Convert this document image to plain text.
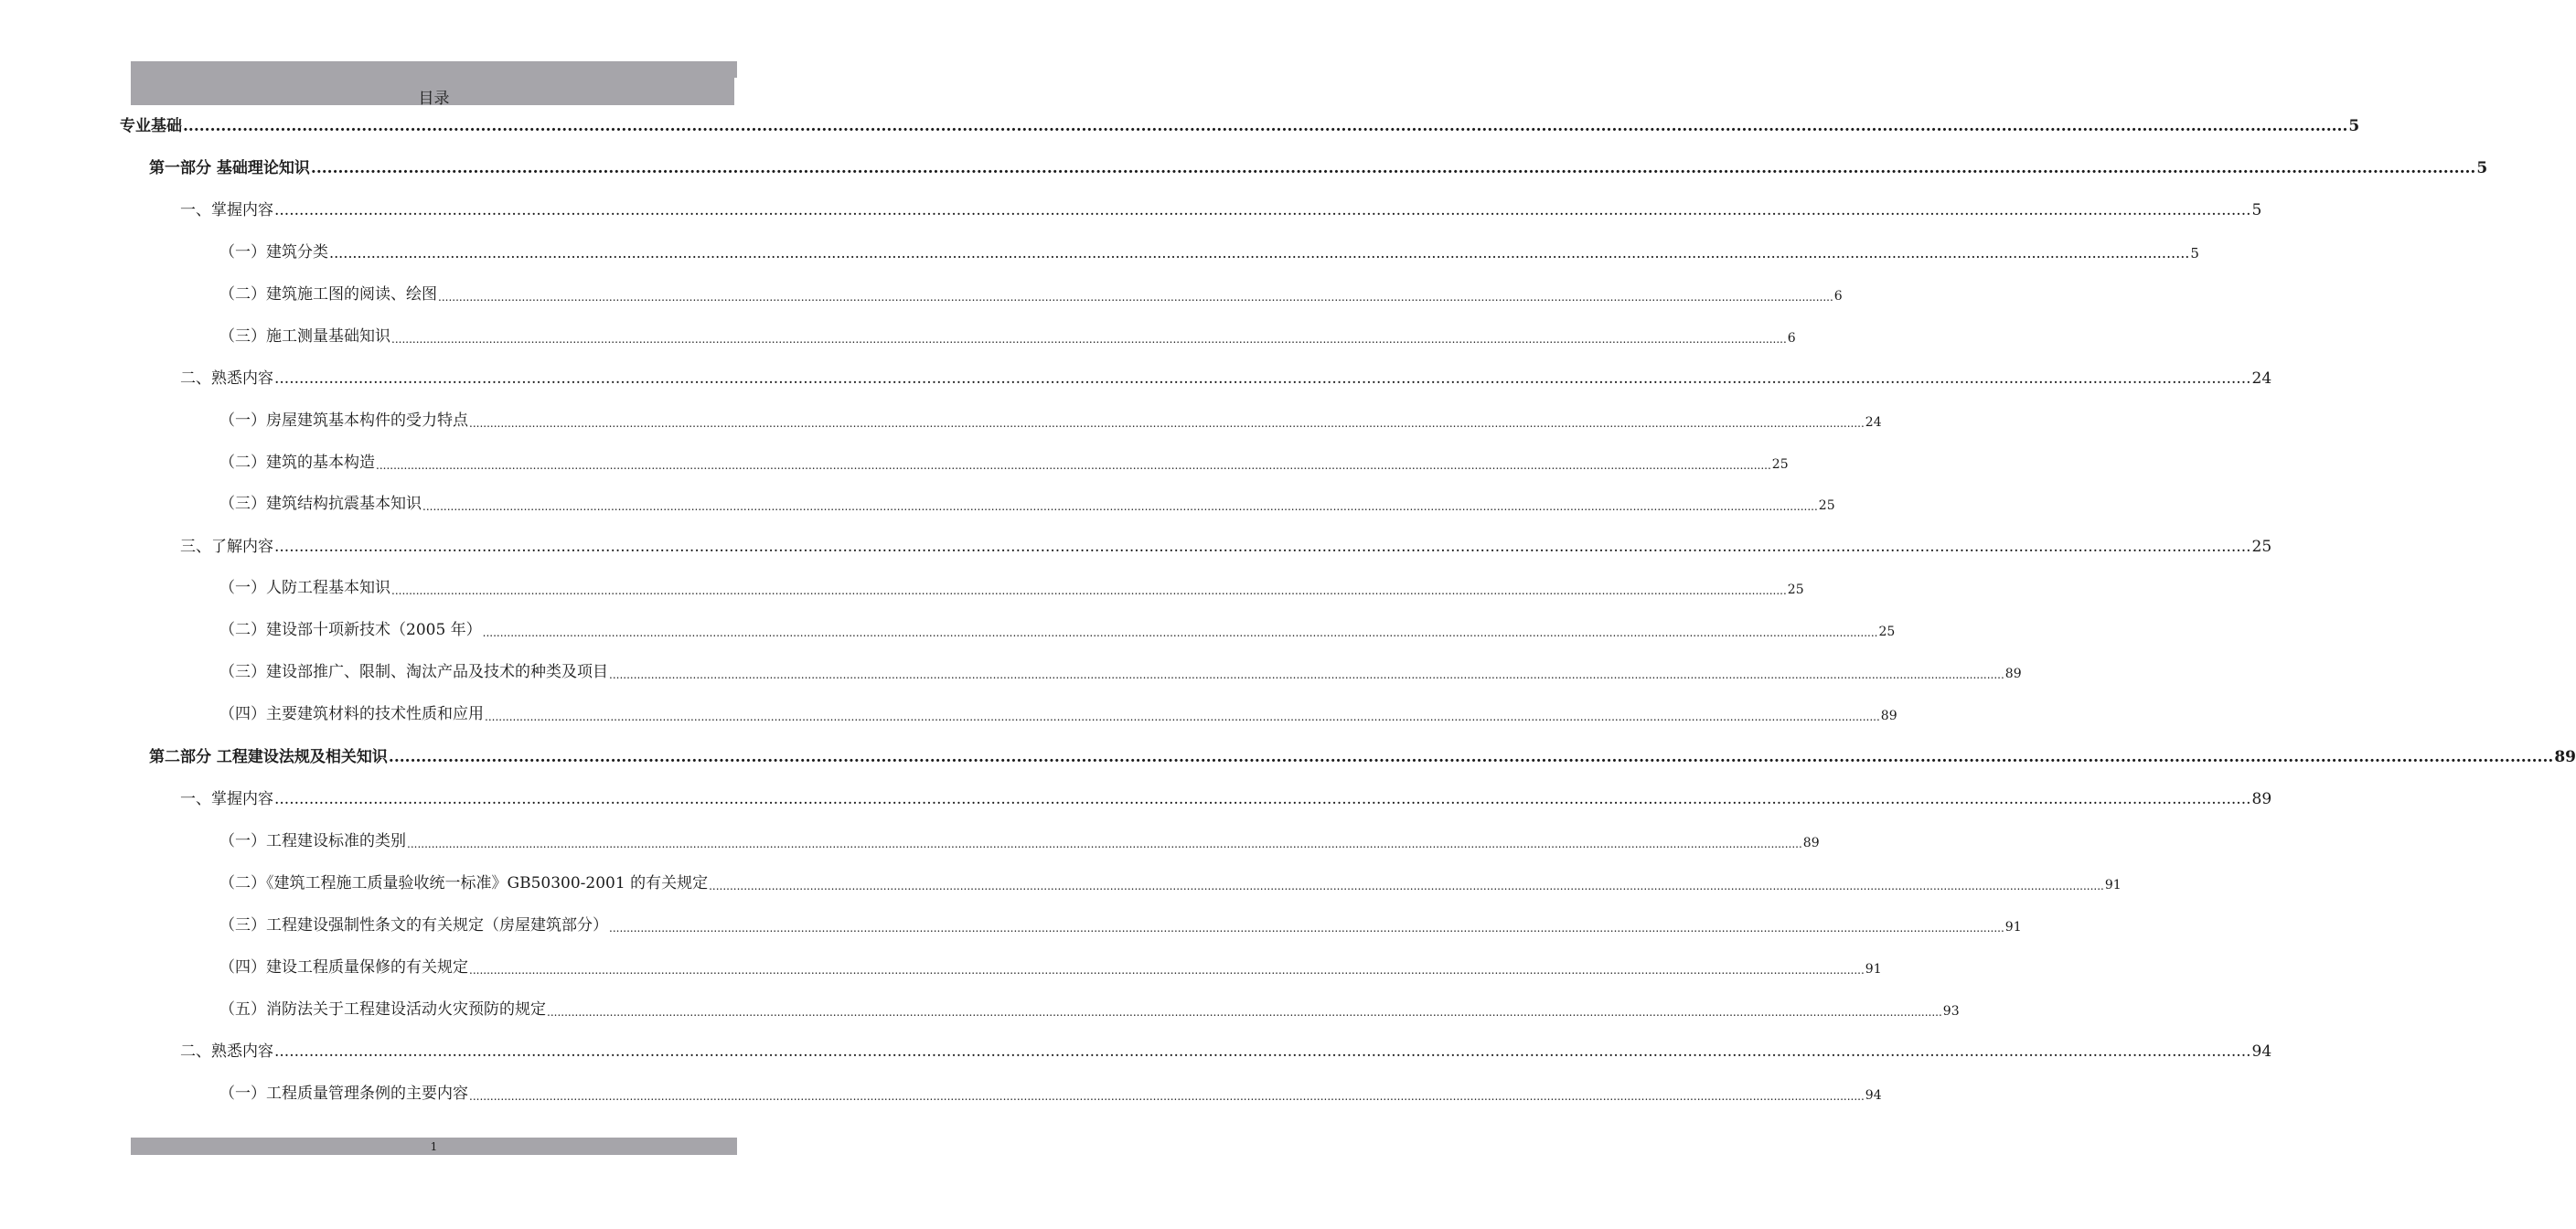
目录
专业基础 ................................................................................................................................................................................................................................................................................................................................................................................................................ 5
第一部分 基础理论知识 ................................................................................................................................................................................................................................................................................................................................................................................................................ 5
一、掌握内容 ................................................................................................................................................................................................................................................................................................................................................................................................................ 5
（一）建筑分类 ................................................................................................................................................................................................................................................................................................................................................................................................................ 5
（二）建筑施工图的阅读、绘图 ................................................................................................................................................................................................................................................................................................................................................................................................................ 6
（三）施工测量基础知识 ................................................................................................................................................................................................................................................................................................................................................................................................................ 6
二、熟悉内容 ................................................................................................................................................................................................................................................................................................................................................................................................................ 24
（一）房屋建筑基本构件的受力特点 ................................................................................................................................................................................................................................................................................................................................................................................................................ 24
（二）建筑的基本构造 ................................................................................................................................................................................................................................................................................................................................................................................................................ 25
（三）建筑结构抗震基本知识 ................................................................................................................................................................................................................................................................................................................................................................................................................ 25
三、了解内容 ................................................................................................................................................................................................................................................................................................................................................................................................................ 25
（一）人防工程基本知识 ................................................................................................................................................................................................................................................................................................................................................................................................................ 25
（二）建设部十项新技术（2005 年） ................................................................................................................................................................................................................................................................................................................................................................................................................ 25
（三）建设部推广、限制、淘汰产品及技术的种类及项目 ................................................................................................................................................................................................................................................................................................................................................................................................................ 89
（四）主要建筑材料的技术性质和应用 ................................................................................................................................................................................................................................................................................................................................................................................................................ 89
第二部分 工程建设法规及相关知识 ................................................................................................................................................................................................................................................................................................................................................................................................................ 89
一、掌握内容 ................................................................................................................................................................................................................................................................................................................................................................................................................ 89
（一）工程建设标准的类别 ................................................................................................................................................................................................................................................................................................................................................................................................................ 89
（二）《建筑工程施工质量验收统一标准》GB50300-2001 的有关规定 ................................................................................................................................................................................................................................................................................................................................................................................................................ 91
（三）工程建设强制性条文的有关规定（房屋建筑部分） ................................................................................................................................................................................................................................................................................................................................................................................................................ 91
（四）建设工程质量保修的有关规定 ................................................................................................................................................................................................................................................................................................................................................................................................................ 91
（五）消防法关于工程建设活动火灾预防的规定 ................................................................................................................................................................................................................................................................................................................................................................................................................ 93
二、熟悉内容 ................................................................................................................................................................................................................................................................................................................................................................................................................ 94
（一）工程质量管理条例的主要内容 ................................................................................................................................................................................................................................................................................................................................................................................................................ 94
1
